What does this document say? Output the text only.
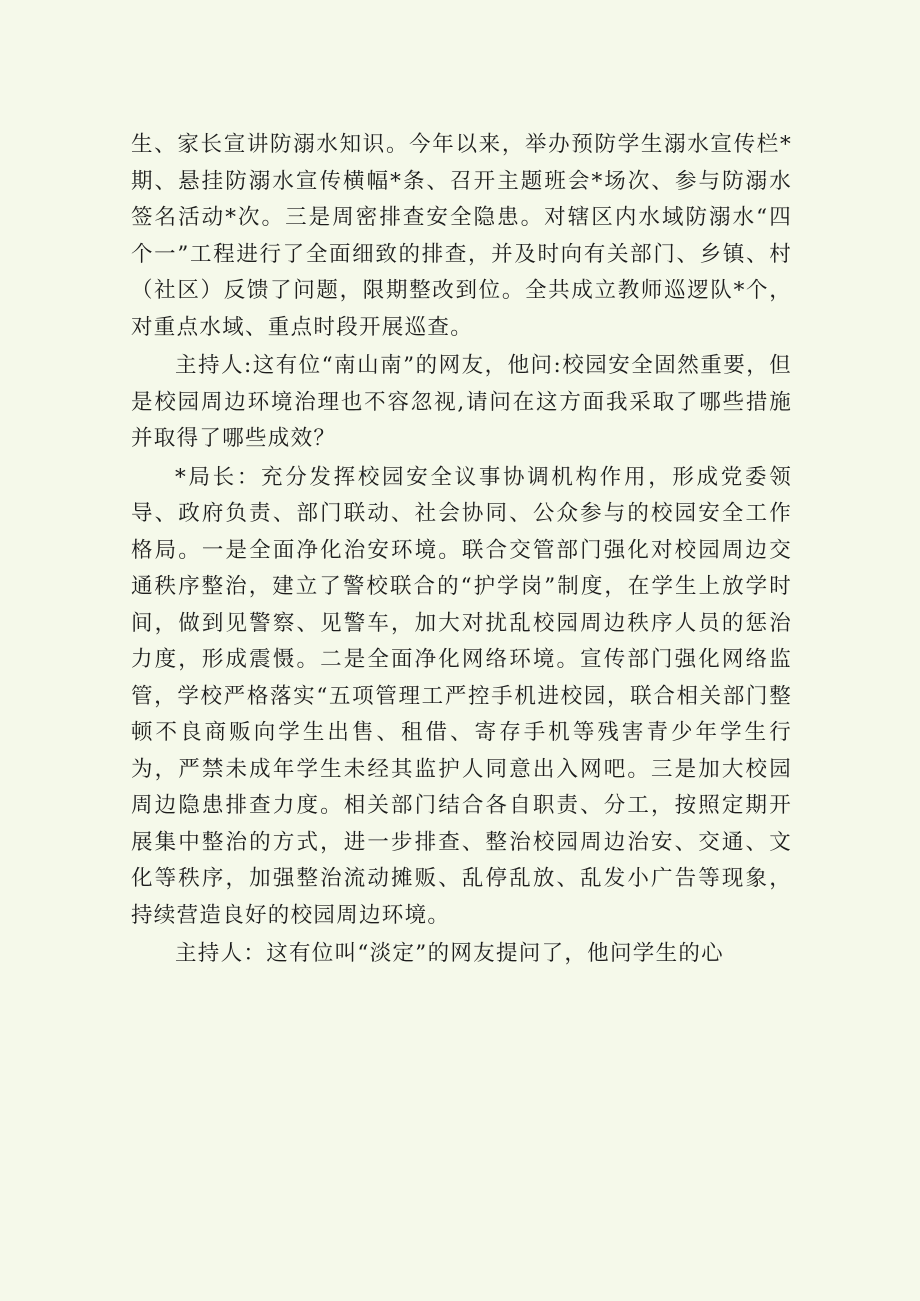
生、家长宣讲防溺水知识。今年以来，举办预防学生溺水宣传栏*期、悬挂防溺水宣传横幅*条、召开主题班会*场次、参与防溺水签名活动*次。三是周密排查安全隐患。对辖区内水域防溺水“四个一”工程进行了全面细致的排查，并及时向有关部门、乡镇、村（社区）反馈了问题，限期整改到位。全共成立教师巡逻队*个，对重点水域、重点时段开展巡查。

主持人:这有位“南山南”的网友，他问:校园安全固然重要，但是校园周边环境治理也不容忽视,请问在这方面我采取了哪些措施并取得了哪些成效？

*局长：充分发挥校园安全议事协调机构作用，形成党委领导、政府负责、部门联动、社会协同、公众参与的校园安全工作格局。一是全面净化治安环境。联合交管部门强化对校园周边交通秩序整治，建立了警校联合的“护学岗”制度，在学生上放学时间，做到见警察、见警车，加大对扰乱校园周边秩序人员的惩治力度，形成震慑。二是全面净化网络环境。宣传部门强化网络监管，学校严格落实“五项管理工严控手机进校园，联合相关部门整顿不良商贩向学生出售、租借、寄存手机等残害青少年学生行为，严禁未成年学生未经其监护人同意出入网吧。三是加大校园周边隐患排查力度。相关部门结合各自职责、分工，按照定期开展集中整治的方式，进一步排查、整治校园周边治安、交通、文化等秩序，加强整治流动摊贩、乱停乱放、乱发小广告等现象，持续营造良好的校园周边环境。

主持人：这有位叫“淡定”的网友提问了，他问学生的心
